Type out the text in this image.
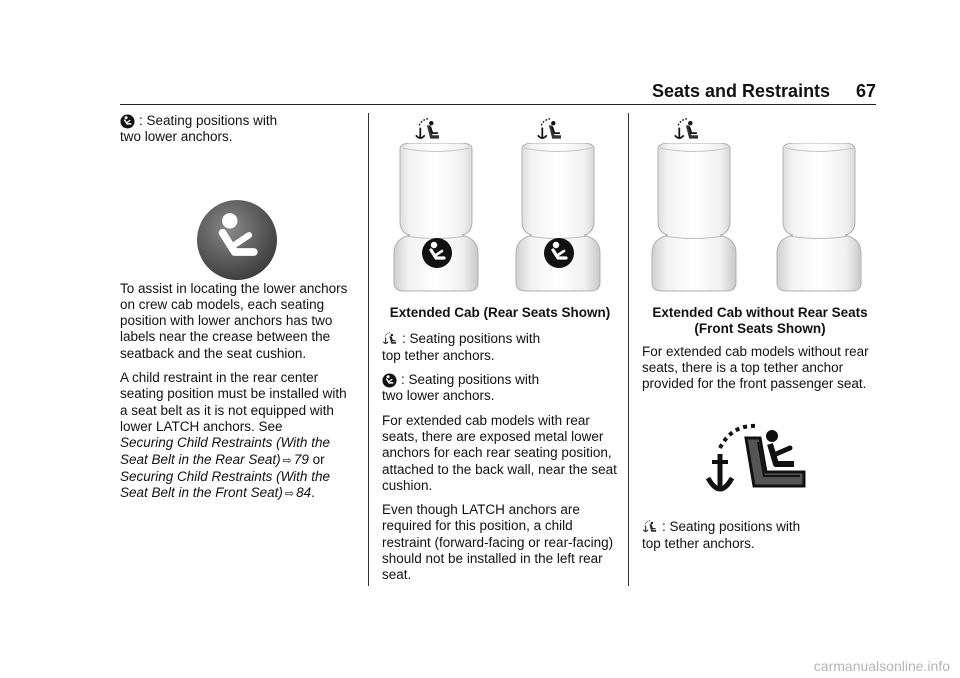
Seats and Restraints 67
: Seating positions with
two lower anchors.

To assist in locating the lower anchors on crew cab models, each seating position with lower anchors has two labels near the crease between the seatback and the seat cushion.

A child restraint in the rear center seating position must be installed with a seat belt as it is not equipped with lower LATCH anchors. See
Securing Child Restraints (With the Seat Belt in the Rear Seat) ⇨ 79 or Securing Child Restraints (With the Seat Belt in the Front Seat) ⇨ 84.

Extended Cab (Rear Seats Shown)

: Seating positions with
top tether anchors.

: Seating positions with
two lower anchors.

For extended cab models with rear seats, there are exposed metal lower anchors for each rear seating position, attached to the back wall, near the seat cushion.

Even though LATCH anchors are required for this position, a child restraint (forward-facing or rear-facing) should not be installed in the left rear seat.

Extended Cab without Rear Seats
(Front Seats Shown)

For extended cab models without rear seats, there is a top tether anchor provided for the front passenger seat.

: Seating positions with
top tether anchors.

carmanualsonline.info
